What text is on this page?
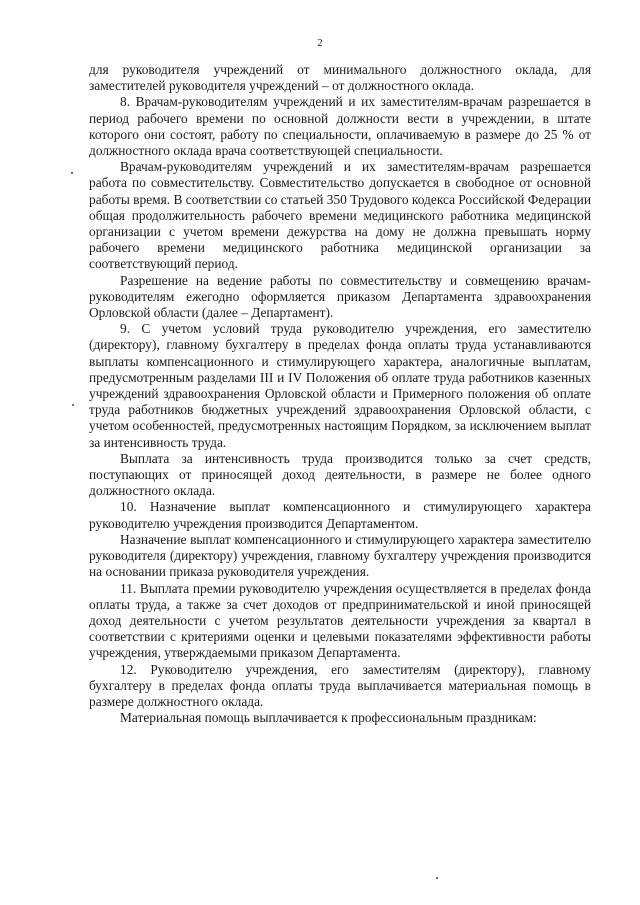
2

для руководителя учреждений от минимального должностного оклада, для заместителей руководителя учреждений – от должностного оклада.

8. Врачам-руководителям учреждений и их заместителям-врачам разрешается в период рабочего времени по основной должности вести в учреждении, в штате которого они состоят, работу по специальности, оплачиваемую в размере до 25 % от должностного оклада врача соответствующей специальности.

Врачам-руководителям учреждений и их заместителям-врачам разрешается работа по совместительству. Совместительство допускается в свободное от основной работы время. В соответствии со статьей 350 Трудового кодекса Российской Федерации общая продолжительность рабочего времени медицинского работника медицинской организации с учетом времени дежурства на дому не должна превышать норму рабочего времени медицинского работника медицинской организации за соответствующий период.

Разрешение на ведение работы по совместительству и совмещению врачам-руководителям ежегодно оформляется приказом Департамента здравоохранения Орловской области (далее – Департамент).

9. С учетом условий труда руководителю учреждения, его заместителю (директору), главному бухгалтеру в пределах фонда оплаты труда устанавливаются выплаты компенсационного и стимулирующего характера, аналогичные выплатам, предусмотренным разделами III и IV Положения об оплате труда работников казенных учреждений здравоохранения Орловской области и Примерного положения об оплате труда работников бюджетных учреждений здравоохранения Орловской области, с учетом особенностей, предусмотренных настоящим Порядком, за исключением выплат за интенсивность труда.

Выплата за интенсивность труда производится только за счет средств, поступающих от приносящей доход деятельности, в размере не более одного должностного оклада.

10. Назначение выплат компенсационного и стимулирующего характера руководителю учреждения производится Департаментом.

Назначение выплат компенсационного и стимулирующего характера заместителю руководителя (директору) учреждения, главному бухгалтеру учреждения производится на основании приказа руководителя учреждения.

11. Выплата премии руководителю учреждения осуществляется в пределах фонда оплаты труда, а также за счет доходов от предпринимательской и иной приносящей доход деятельности с учетом результатов деятельности учреждения за квартал в соответствии с критериями оценки и целевыми показателями эффективности работы учреждения, утверждаемыми приказом Департамента.

12. Руководителю учреждения, его заместителям (директору), главному бухгалтеру в пределах фонда оплаты труда выплачивается материальная помощь в размере должностного оклада.

Материальная помощь выплачивается к профессиональным праздникам:
